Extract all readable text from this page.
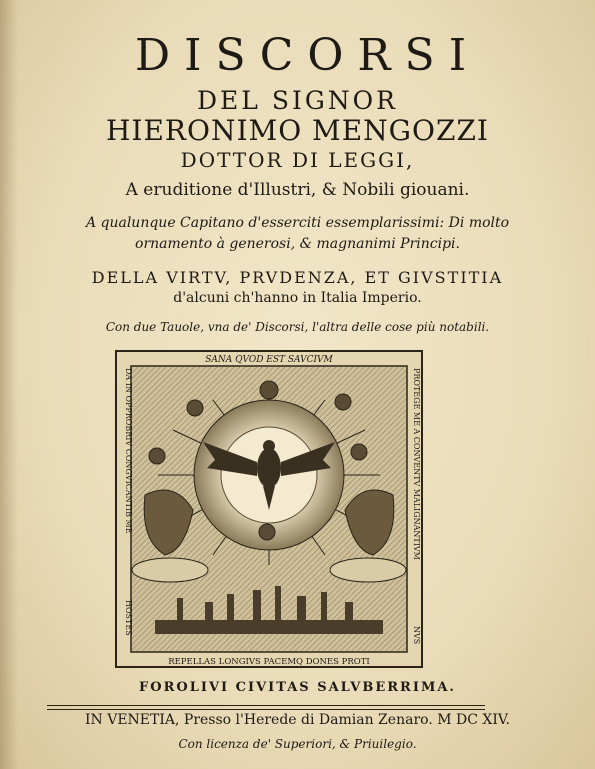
DISCORSI
DEL SIGNOR
HIERONIMO MENGOZZI
DOTTOR DI LEGGI,
A eruditione d'Illustri, & Nobili giouani.
A qualunque Capitano d'esserciti essemplarissimi: Di molto
ornamento à generosi, & magnanimi Principi.
DELLA VIRTV, PRVDENZA, ET GIVSTITIA
d'alcuni ch'hanno in Italia Imperio.
Con due Tauole, vna de' Discorsi, l'altra delle cose più notabili.
SANA QVOD EST SAVCIVM
REPELLAS LONGIVS PACEMQ DONES PROTI
DA IN OPPROBRIV CONGVICANTIB ME
HOSTES
PROTEGE ME A CONVENTV MALIGNANTIVM
NVS
FOROLIVI CIVITAS SALVBERRIMA.
IN VENETIA, Presso l'Herede di Damian Zenaro. M DC XIV.
Con licenza de' Superiori, & Priuilegio.
